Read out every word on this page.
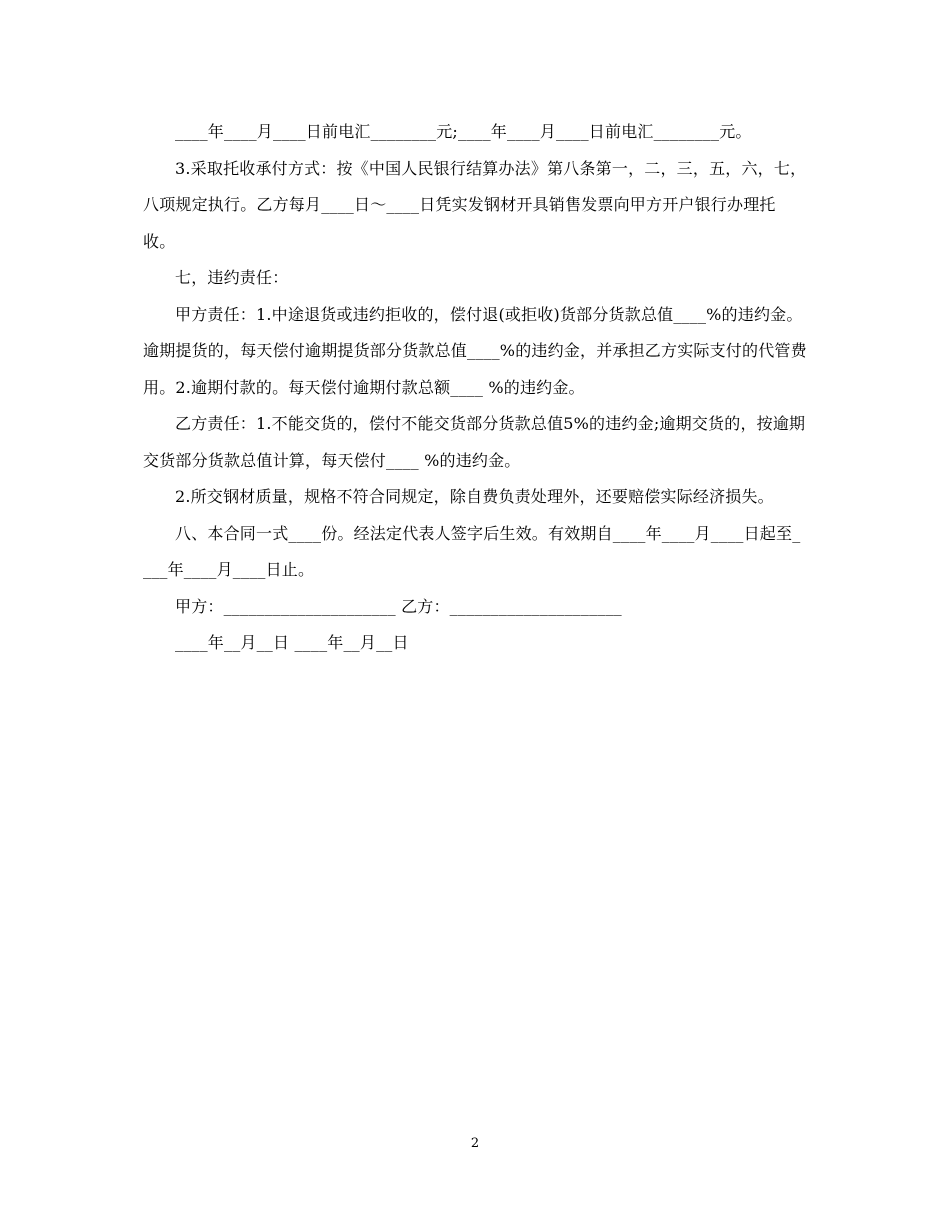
____年____月____日前电汇________元;____年____月____日前电汇________元。

3.采取托收承付方式：按《中国人民银行结算办法》第八条第一，二，三，五，六，七，八项规定执行。乙方每月____日～____日凭实发钢材开具销售发票向甲方开户银行办理托收。

七，违约责任：

甲方责任：1.中途退货或违约拒收的，偿付退(或拒收)货部分货款总值____%的违约金。逾期提货的，每天偿付逾期提货部分货款总值____%的违约金，并承担乙方实际支付的代管费用。2.逾期付款的。每天偿付逾期付款总额____ %的违约金。

乙方责任：1.不能交货的，偿付不能交货部分货款总值5%的违约金;逾期交货的，按逾期交货部分货款总值计算，每天偿付____ %的违约金。

2.所交钢材质量，规格不符合同规定，除自费负责处理外，还要赔偿实际经济损失。

八、本合同一式____份。经法定代表人签字后生效。有效期自____年____月____日起至____年____月____日止。

甲方：_____________________ 乙方：_____________________

____年__月__日 ____年__月__日

2
